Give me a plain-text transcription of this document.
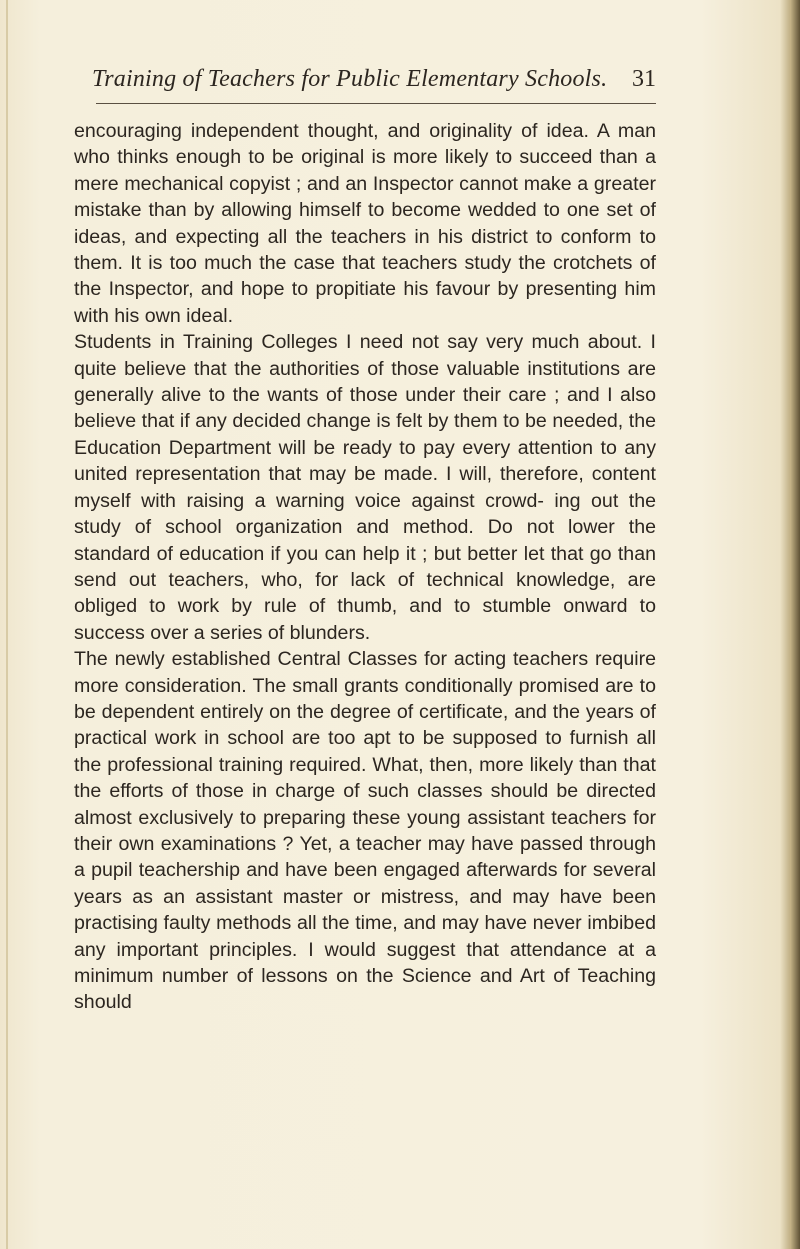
Training of Teachers for Public Elementary Schools. 31

encouraging independent thought, and originality of idea. A man who thinks enough to be original is more likely to succeed than a mere mechanical copyist ; and an Inspector cannot make a greater mistake than by allowing himself to become wedded to one set of ideas, and expecting all the teachers in his district to conform to them. It is too much the case that teachers study the crotchets of the Inspector, and hope to propitiate his favour by presenting him with his own ideal.

Students in Training Colleges I need not say very much about. I quite believe that the authorities of those valuable institutions are generally alive to the wants of those under their care ; and I also believe that if any decided change is felt by them to be needed, the Education Department will be ready to pay every attention to any united representation that may be made. I will, therefore, content myself with raising a warning voice against crowd- ing out the study of school organization and method. Do not lower the standard of education if you can help it ; but better let that go than send out teachers, who, for lack of technical knowledge, are obliged to work by rule of thumb, and to stumble onward to success over a series of blunders.

The newly established Central Classes for acting teachers require more consideration. The small grants conditionally promised are to be dependent entirely on the degree of certificate, and the years of practical work in school are too apt to be supposed to furnish all the professional training required. What, then, more likely than that the efforts of those in charge of such classes should be directed almost exclusively to preparing these young assistant teachers for their own examinations ? Yet, a teacher may have passed through a pupil teachership and have been engaged afterwards for several years as an assistant master or mistress, and may have been practising faulty methods all the time, and may have never imbibed any important principles. I would suggest that attendance at a minimum number of lessons on the Science and Art of Teaching should
